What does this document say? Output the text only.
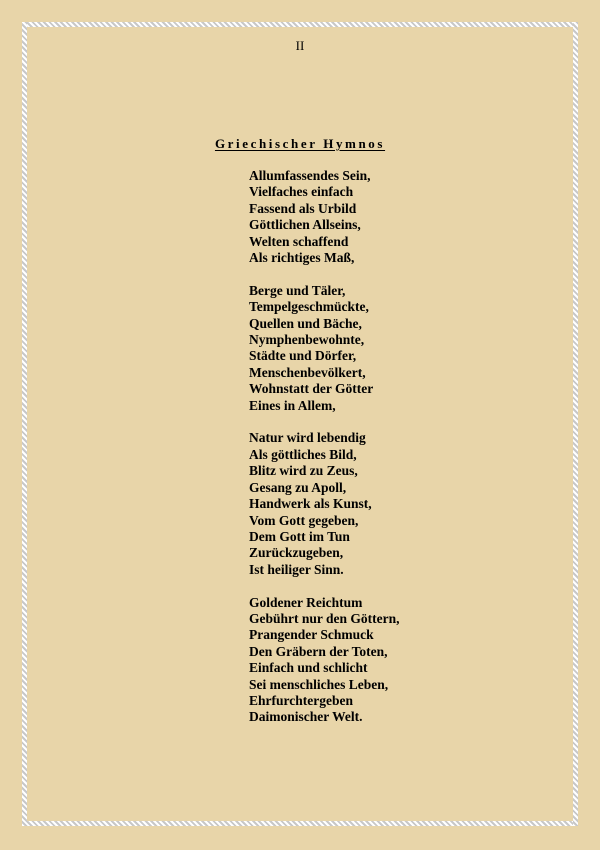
II
Griechischer Hymnos
Allumfassendes Sein,
Vielfaches einfach
Fassend als Urbild
Göttlichen Allseins,
Welten schaffend
Als richtiges Maß,
Berge und Täler,
Tempelgeschmückte,
Quellen und Bäche,
Nymphenbewohnte,
Städte und Dörfer,
Menschenbevölkert,
Wohnstatt der Götter
Eines in Allem,
Natur wird lebendig
Als göttliches Bild,
Blitz wird zu Zeus,
Gesang zu Apoll,
Handwerk als Kunst,
Vom Gott gegeben,
Dem Gott im Tun
Zurückzugeben,
Ist heiliger Sinn.
Goldener Reichtum
Gebührt nur den Göttern,
Prangender Schmuck
Den Gräbern der Toten,
Einfach und schlicht
Sei menschliches Leben,
Ehrfurchtergeben
Daimonischer Welt.
